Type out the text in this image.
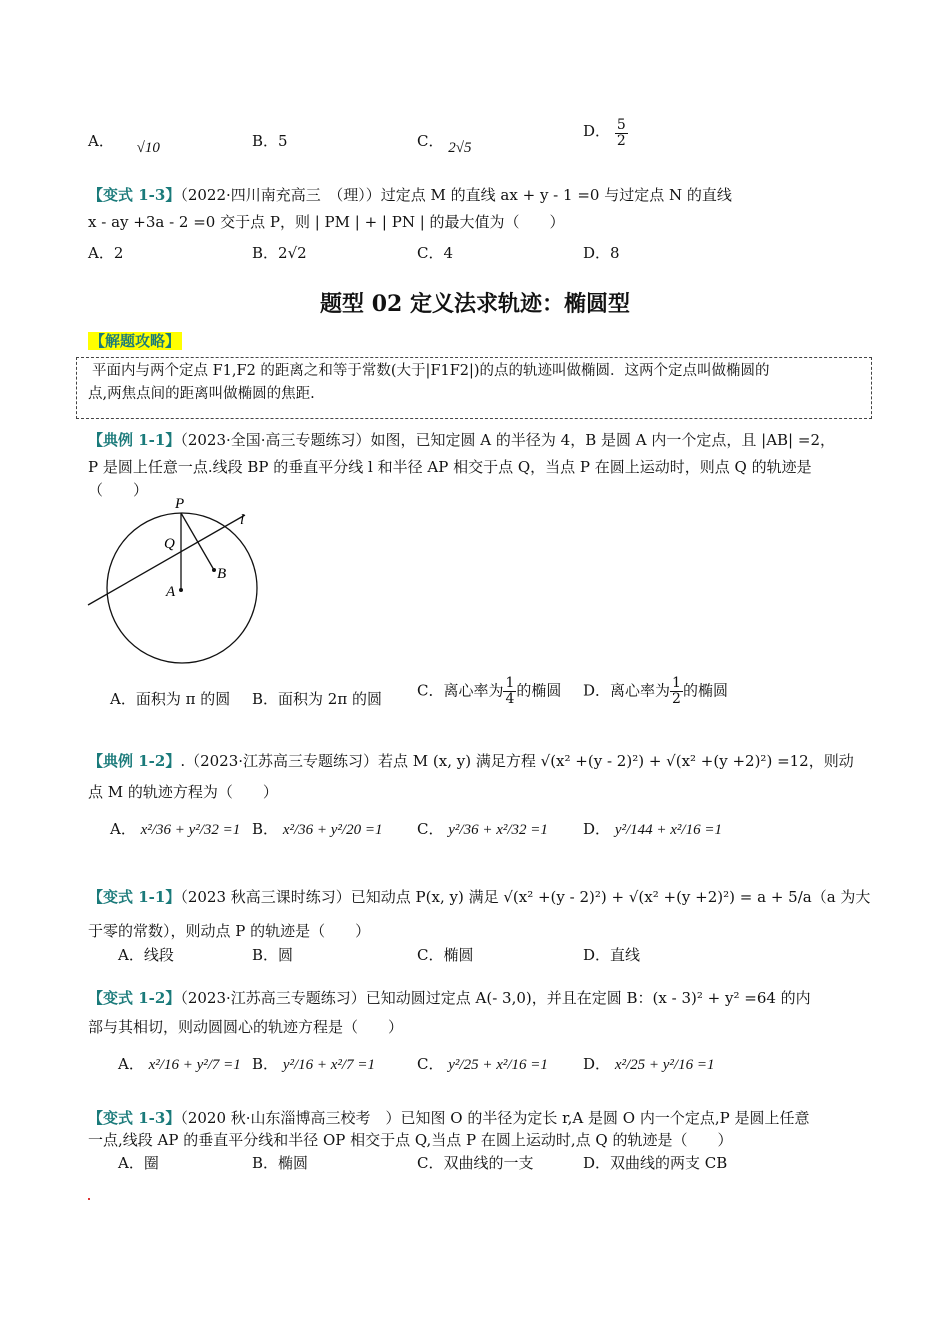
A． √10	B．5	C． 2√5
D． $\frac{5}{2}$
【变式 1-3】（2022·四川南充高三　（理））过定点 M 的直线 ax + y - 1 =0 与过定点 N 的直线
x - ay +3a - 2 =0 交于点 P，则 | PM | + | PN | 的最大值为（　　）
A．2	B．2√2	C．4	D．8
题型 02 定义法求轨迹：椭圆型
【解题攻略】
平面内与两个定点 F1,F2 的距离之和等于常数(大于|F1F2|)的点的轨迹叫做椭圆．这两个定点叫做椭圆的
点,两焦点间的距离叫做椭圆的焦距.
【典例 1-1】（2023·全国·高三专题练习）如图，已知定圆 A 的半径为 4，B 是圆 A 内一个定点，且 |AB| =2，
P 是圆上任意一点.线段 BP 的垂直平分线 l 和半径 AP 相交于点 Q，当点 P 在圆上运动时，则点 Q 的轨迹是
（　　）
P
Q
A
B
l
A．面积为 π 的圆 B．面积为 2π 的圆 C．离心率为 $\frac{1}{4}$ 的椭圆 D．离心率为 $\frac{1}{2}$ 的椭圆
【典例 1-2】.（2023·江苏高三专题练习）若点 M (x, y) 满足方程 √(x² +(y - 2)²) + √(x² +(y +2)²) =12，则动
点 M 的轨迹方程为（　　）
A． x²/36 + y²/32 =1 B． x²/36 + y²/20 =1 C． y²/36 + x²/32 =1 D． y²/144 + x²/16 =1
【变式 1-1】（2023 秋高三课时练习）已知动点 P(x, y) 满足 √(x² +(y - 2)²) + √(x² +(y +2)²) = a + 5/a（a 为大
于零的常数），则动点 P 的轨迹是（　　）
A．线段	B．圆	C．椭圆	D．直线
【变式 1-2】（2023·江苏高三专题练习）已知动圆过定点 A(- 3,0)，并且在定圆 B：(x - 3)² + y² =64 的内
部与其相切，则动圆圆心的轨迹方程是（　　）
A． x²/16 + y²/7 =1 B． y²/16 + x²/7 =1	C． y²/25 + x²/16 =1 D． x²/25 + y²/16 =1
【变式 1-3】（2020 秋·山东淄博高三校考　）已知图 O 的半径为定长 r,A 是圆 O 内一个定点,P 是圆上任意
一点,线段 AP 的垂直平分线和半径 OP 相交于点 Q,当点 P 在圆上运动时,点 Q 的轨迹是（　　）
A．圈	B．椭圆	C．双曲线的一支	D．双曲线的两支 CB
